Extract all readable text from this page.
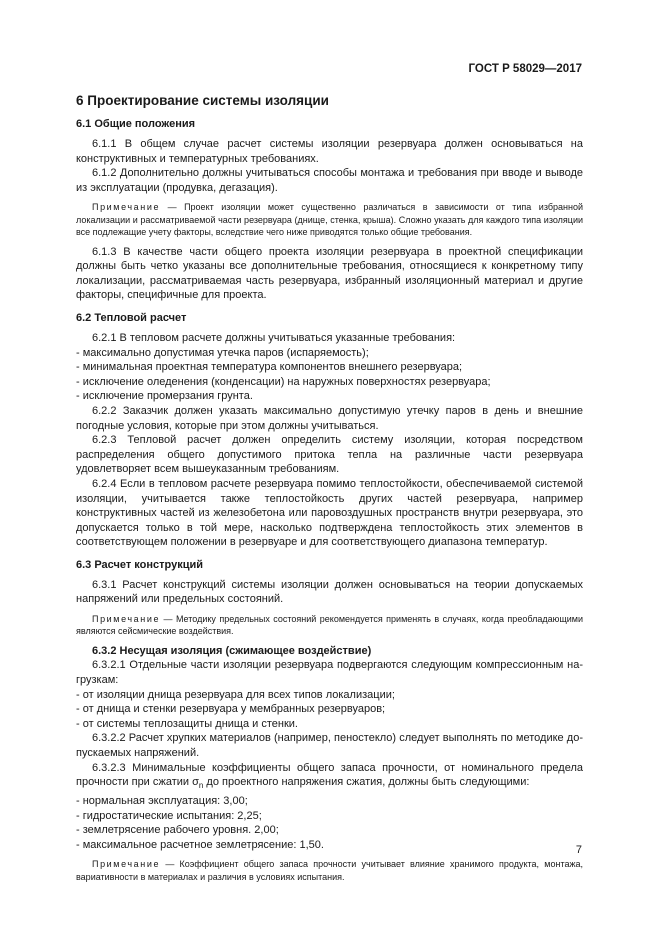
ГОСТ Р 58029—2017
6 Проектирование системы изоляции
6.1 Общие положения

6.1.1 В общем случае расчет системы изоляции резервуара должен основываться на конструктивных и температурных требованиях.

6.1.2 Дополнительно должны учитываться способы монтажа и требования при вводе и выводе из эксплуатации (продувка, дегазация).

Примечание — Проект изоляции может существенно различаться в зависимости от типа избранной локализации и рассматриваемой части резервуара (днище, стенка, крыша). Сложно указать для каждого типа изоляции все подлежащие учету факторы, вследствие чего ниже приводятся только общие требования.

6.1.3 В качестве части общего проекта изоляции резервуара в проектной спецификации должны быть четко указаны все дополнительные требования, относящиеся к конкретному типу локализации, рассматриваемая часть резервуара, избранный изоляционный материал и другие факторы, специфичные для проекта.

6.2 Тепловой расчет

6.2.1 В тепловом расчете должны учитываться указанные требования:

- максимально допустимая утечка паров (испаряемость);

- минимальная проектная температура компонентов внешнего резервуара;

- исключение оледенения (конденсации) на наружных поверхностях резервуара;

- исключение промерзания грунта.

6.2.2 Заказчик должен указать максимально допустимую утечку паров в день и внешние погодные условия, которые при этом должны учитываться.

6.2.3 Тепловой расчет должен определить систему изоляции, которая посредством распределения общего допустимого притока тепла на различные части резервуара удовлетворяет всем вышеуказанным требованиям.

6.2.4 Если в тепловом расчете резервуара помимо теплостойкости, обеспечиваемой системой изоляции, учитывается также теплостойкость других частей резервуара, например конструктивных частей из железобетона или паровоздушных пространств внутри резервуара, это допускается только в той мере, насколько подтверждена теплостойкость этих элементов в соответствующем положении в резервуаре и для соответствующего диапазона температур.

6.3 Расчет конструкций

6.3.1 Расчет конструкций системы изоляции должен основываться на теории допускаемых напряжений или предельных состояний.

Примечание — Методику предельных состояний рекомендуется применять в случаях, когда преобладающими являются сейсмические воздействия.

6.3.2 Несущая изоляция (сжимающее воздействие)

6.3.2.1 Отдельные части изоляции резервуара подвергаются следующим компрессионным нагрузкам:

- от изоляции днища резервуара для всех типов локализации;

- от днища и стенки резервуара у мембранных резервуаров;

- от системы теплозащиты днища и стенки.

6.3.2.2 Расчет хрупких материалов (например, пеностекло) следует выполнять по методике допускаемых напряжений.

6.3.2.3 Минимальные коэффициенты общего запаса прочности, от номинального предела прочности при сжатии $\sigma_n$ до проектного напряжения сжатия, должны быть следующими:

- нормальная эксплуатация: 3,00;

- гидростатические испытания: 2,25;

- землетрясение рабочего уровня. 2,00;

- максимальное расчетное землетрясение: 1,50.

Примечание — Коэффициент общего запаса прочности учитывает влияние хранимого продукта, монтажа, вариативности в материалах и различия в условиях испытания.

7
